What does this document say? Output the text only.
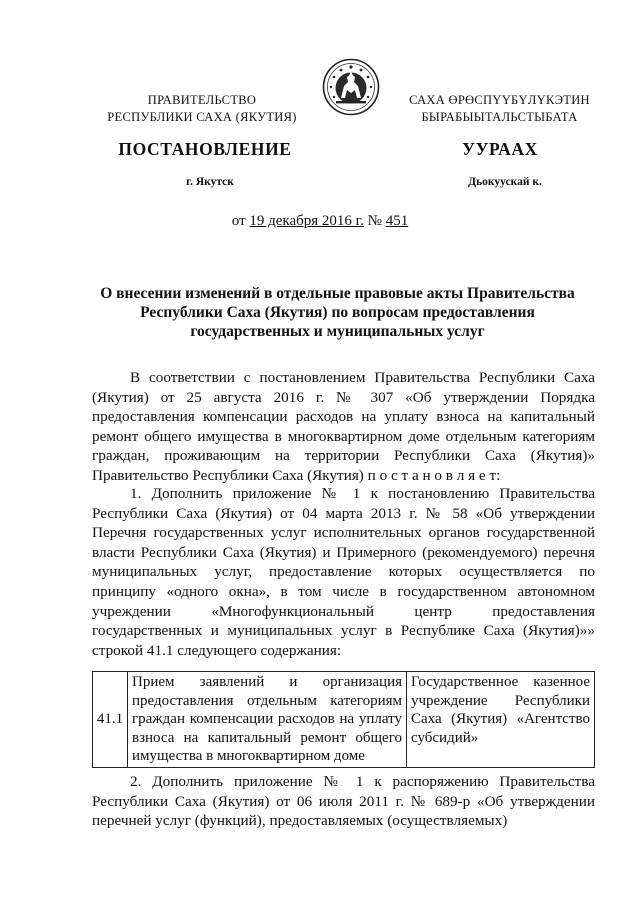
ПРАВИТЕЛЬСТВО
РЕСПУБЛИКИ САХА (ЯКУТИЯ)
САХА ӨРӨСПҮҮБҮЛҮКЭТИН
БЫРАБЫЫТАЛЬСТЫБАТА
ПОСТАНОВЛЕНИЕ	УУРААХ
г. Якутск	Дьокуускай к.
от 19 декабря 2016 г. № 451
О внесении изменений в отдельные правовые акты Правительства Республики Саха (Якутия) по вопросам предоставления государственных и муниципальных услуг

В соответствии с постановлением Правительства Республики Саха (Якутия) от 25 августа 2016 г. № 307 «Об утверждении Порядка предоставления компенсации расходов на уплату взноса на капитальный ремонт общего имущества в многоквартирном доме отдельным категориям граждан, проживающим на территории Республики Саха (Якутия)» Правительство Республики Саха (Якутия) п о с т а н о в л я е т:

1. Дополнить приложение № 1 к постановлению Правительства Республики Саха (Якутия) от 04 марта 2013 г. № 58 «Об утверждении Перечня государственных услуг исполнительных органов государственной власти Республики Саха (Якутия) и Примерного (рекомендуемого) перечня муниципальных услуг, предоставление которых осуществляется по принципу «одного окна», в том числе в государственном автономном учреждении «Многофункциональный центр предоставления государственных и муниципальных услуг в Республике Саха (Якутия)»» строкой 41.1 следующего содержания:

41.1	Прием заявлений и организация предоставления отдельным категориям граждан компенсации расходов на уплату взноса на капитальный ремонт общего имущества в многоквартирном доме	Государственное казенное учреждение Республики Саха (Якутия) «Агентство субсидий»

2. Дополнить приложение № 1 к распоряжению Правительства Республики Саха (Якутия) от 06 июля 2011 г. № 689-р «Об утверждении перечней услуг (функций), предоставляемых (осуществляемых)
